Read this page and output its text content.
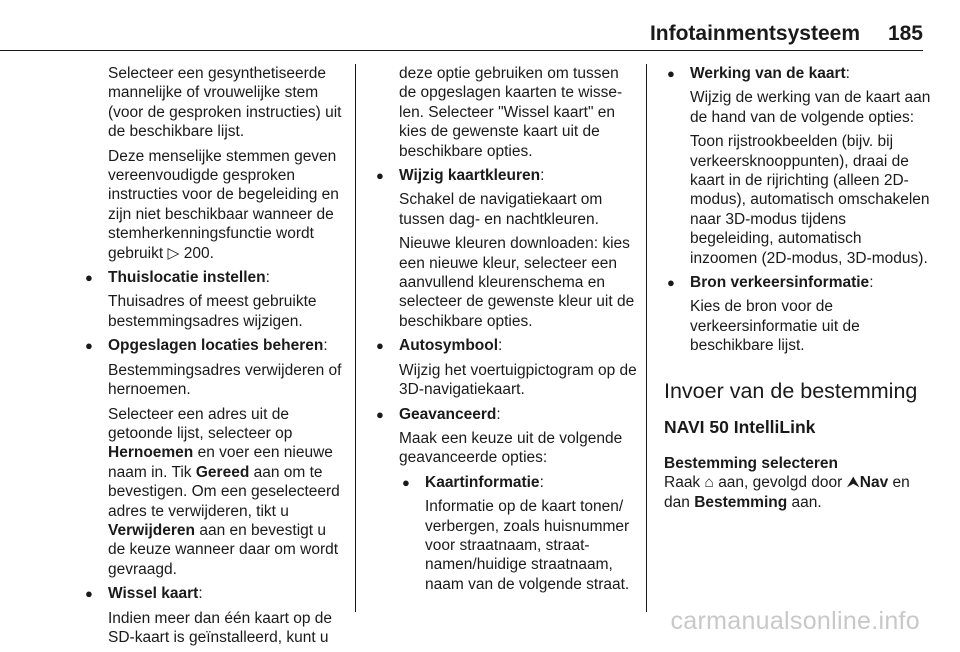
Infotainmentsysteem 185

Selecteer een gesynthetiseerde mannelijke of vrouwelijke stem (voor de gesproken instructies) uit de beschikbare lijst.

Deze menselijke stemmen geven vereenvoudigde gesproken instructies voor de begeleiding en zijn niet beschikbaar wanneer de stemherkenningsfunctie wordt gebruikt ▷ 200.

● Thuislocatie instellen:

Thuisadres of meest gebruikte bestemmingsadres wijzigen.

● Opgeslagen locaties beheren:

Bestemmingsadres verwijderen of hernoemen.

Selecteer een adres uit de getoonde lijst, selecteer op Hernoemen en voer een nieuwe naam in. Tik Gereed aan om te bevestigen. Om een geselecteerd adres te verwijderen, tikt u Verwijderen aan en bevestigt u de keuze wanneer daar om wordt gevraagd.

● Wissel kaart:

Indien meer dan één kaart op de SD-kaart is geïnstalleerd, kunt u

deze optie gebruiken om tussen de opgeslagen kaarten te wisselen. Selecteer "Wissel kaart" en kies de gewenste kaart uit de beschikbare opties.

● Wijzig kaartkleuren:

Schakel de navigatiekaart om tussen dag- en nachtkleuren.

Nieuwe kleuren downloaden: kies een nieuwe kleur, selecteer een aanvullend kleurenschema en selecteer de gewenste kleur uit de beschikbare opties.

● Autosymbool:

Wijzig het voertuigpictogram op de 3D-navigatiekaart.

● Geavanceerd:

Maak een keuze uit de volgende geavanceerde opties:

● Kaartinformatie:

Informatie op de kaart tonen/ verbergen, zoals huisnummer voor straatnaam, straatnamen/huidige straatnaam, naam van de volgende straat.

● Werking van de kaart:

Wijzig de werking van de kaart aan de hand van de volgende opties:

Toon rijstrookbeelden (bijv. bij verkeersknooppunten), draai de kaart in de rijrichting (alleen 2D-modus), automatisch omschakelen naar 3D-modus tijdens begeleiding, automatisch inzoomen (2D-modus, 3D-modus).

● Bron verkeersinformatie:

Kies de bron voor de verkeersinformatie uit de beschikbare lijst.

Invoer van de bestemming
NAVI 50 IntelliLink
Bestemming selecteren

Raak ⌂ aan, gevolgd door ⮝Nav en dan Bestemming aan.

carmanualsonline.info
